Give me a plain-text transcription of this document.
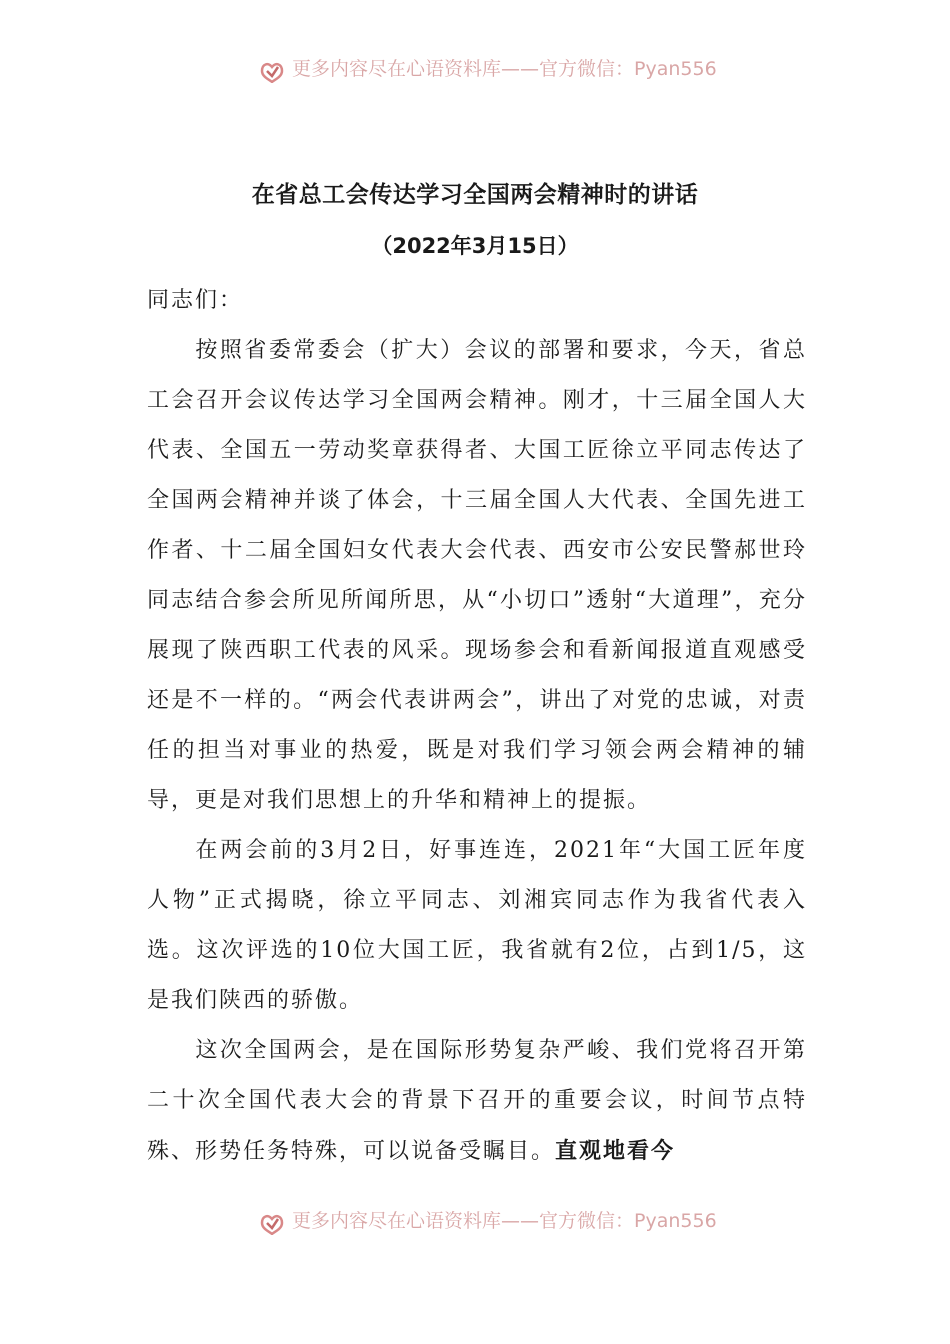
更多内容尽在心语资料库——官方微信：Pyan556
在省总工会传达学习全国两会精神时的讲话
（2022年3月15日）

同志们：

按照省委常委会（扩大）会议的部署和要求，今天，省总工会召开会议传达学习全国两会精神。刚才，十三届全国人大代表、全国五一劳动奖章获得者、大国工匠徐立平同志传达了全国两会精神并谈了体会，十三届全国人大代表、全国先进工作者、十二届全国妇女代表大会代表、西安市公安民警郝世玲同志结合参会所见所闻所思，从“小切口”透射“大道理”，充分展现了陕西职工代表的风采。现场参会和看新闻报道直观感受还是不一样的。“两会代表讲两会”，讲出了对党的忠诚，对责任的担当对事业的热爱，既是对我们学习领会两会精神的辅导，更是对我们思想上的升华和精神上的提振。

在两会前的3月2日，好事连连，2021年“大国工匠年度人物”正式揭晓，徐立平同志、刘湘宾同志作为我省代表入选。这次评选的10位大国工匠，我省就有2位，占到1/5，这是我们陕西的骄傲。

这次全国两会，是在国际形势复杂严峻、我们党将召开第二十次全国代表大会的背景下召开的重要会议，时间节点特殊、形势任务特殊，可以说备受瞩目。直观地看今

更多内容尽在心语资料库——官方微信：Pyan556
